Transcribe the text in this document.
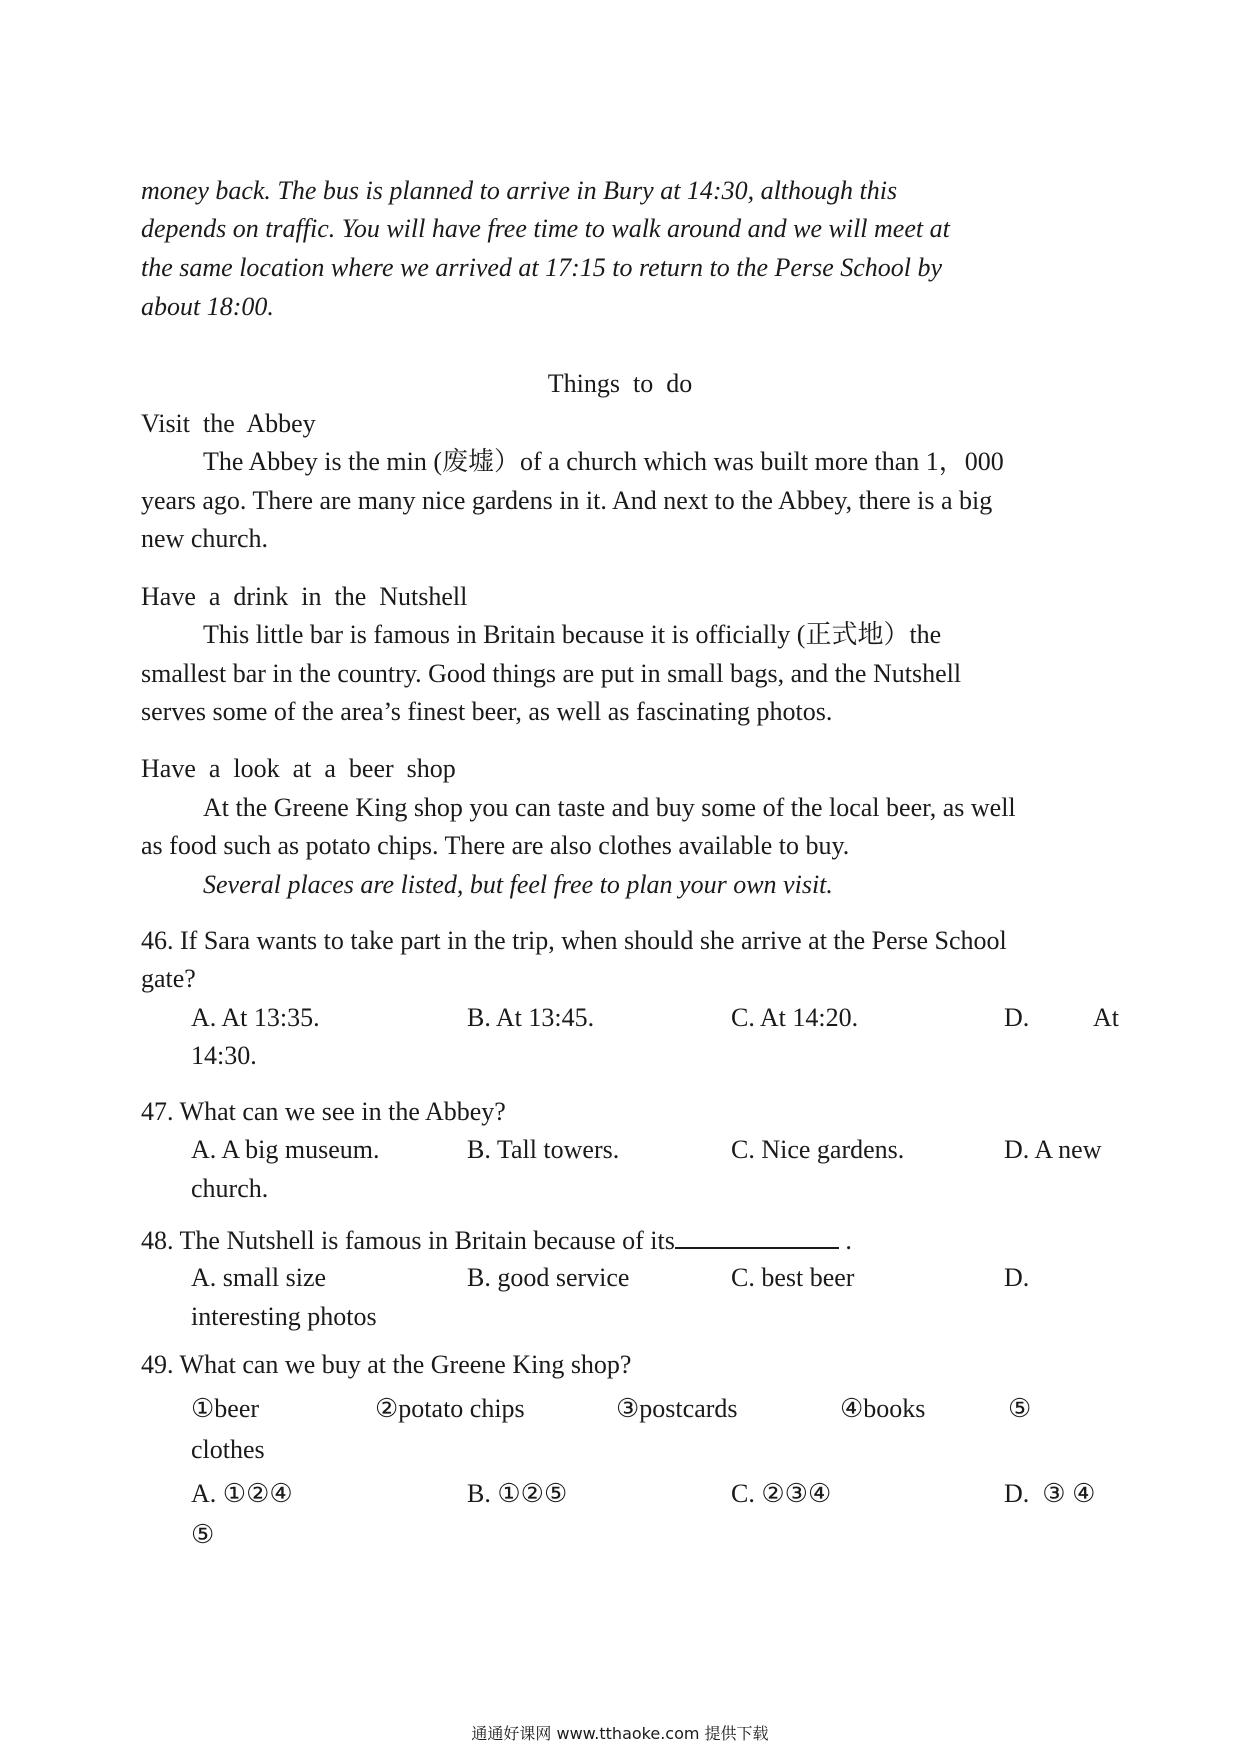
money back. The bus is planned to arrive in Bury at 14:30, although this
depends on traffic. You will have free time to walk around and we will meet at
the same location where we arrived at 17:15 to return to the Perse School by
about 18:00.
Things  to  do
Visit  the  Abbey
The Abbey is the min (废墟）of a church which was built more than 1，000
years ago. There are many nice gardens in it. And next to the Abbey, there is a big
new church.
Have  a  drink  in  the  Nutshell
This little bar is famous in Britain because it is officially (正式地）the
smallest bar in the country. Good things are put in small bags, and the Nutshell
serves some of the area’s finest beer, as well as fascinating photos.
Have  a  look  at  a  beer  shop
At the Greene King shop you can taste and buy some of the local beer, as well
as food such as potato chips. There are also clothes available to buy.
Several places are listed, but feel free to plan your own visit.
46. If Sara wants to take part in the trip, when should she arrive at the Perse School
gate?
A. At 13:35.	B. At 13:45.	C. At 14:20.	D. At
14:30.
47. What can we see in the Abbey?
A. A big museum.	B. Tall towers.	C. Nice gardens.	D. A new
church.
48. The Nutshell is famous in Britain because of its	.
A. small size	B. good service	C. best beer	D.
interesting photos
49. What can we buy at the Greene King shop?
①beer	②potato chips	③postcards	④books	⑤
clothes
A. ①②④	B. ①②⑤	C. ②③④	D.  ③ ④
⑤
通通好课网 www.tthaoke.com 提供下载
